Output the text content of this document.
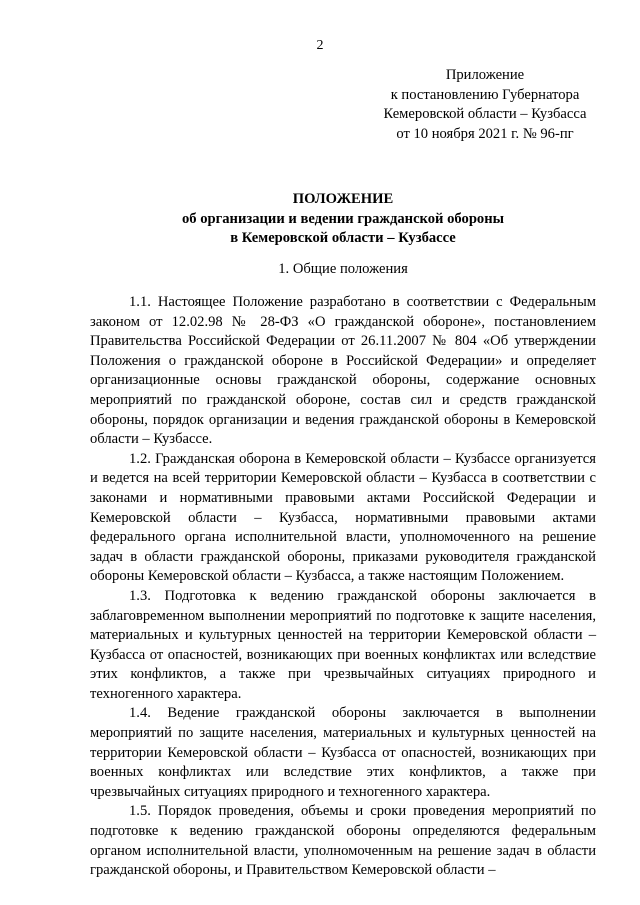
2
Приложение
к постановлению Губернатора
Кемеровской области – Кузбасса
от 10 ноября 2021 г. № 96-пг
ПОЛОЖЕНИЕ
об организации и ведении гражданской обороны
в Кемеровской области – Кузбассе
1. Общие положения

1.1. Настоящее Положение разработано в соответствии с Федеральным законом от 12.02.98 № 28-ФЗ «О гражданской обороне», постановлением Правительства Российской Федерации от 26.11.2007 № 804 «Об утверждении Положения о гражданской обороне в Российской Федерации» и определяет организационные основы гражданской обороны, содержание основных мероприятий по гражданской обороне, состав сил и средств гражданской обороны, порядок организации и ведения гражданской обороны в Кемеровской области – Кузбассе.

1.2. Гражданская оборона в Кемеровской области – Кузбассе организуется и ведется на всей территории Кемеровской области – Кузбасса в соответствии с законами и нормативными правовыми актами Российской Федерации и Кемеровской области – Кузбасса, нормативными правовыми актами федерального органа исполнительной власти, уполномоченного на решение задач в области гражданской обороны, приказами руководителя гражданской обороны Кемеровской области – Кузбасса, а также настоящим Положением.

1.3. Подготовка к ведению гражданской обороны заключается в заблаговременном выполнении мероприятий по подготовке к защите населения, материальных и культурных ценностей на территории Кемеровской области – Кузбасса от опасностей, возникающих при военных конфликтах или вследствие этих конфликтов, а также при чрезвычайных ситуациях природного и техногенного характера.

1.4. Ведение гражданской обороны заключается в выполнении мероприятий по защите населения, материальных и культурных ценностей на территории Кемеровской области – Кузбасса от опасностей, возникающих при военных конфликтах или вследствие этих конфликтов, а также при чрезвычайных ситуациях природного и техногенного характера.

1.5. Порядок проведения, объемы и сроки проведения мероприятий по подготовке к ведению гражданской обороны определяются федеральным органом исполнительной власти, уполномоченным на решение задач в области гражданской обороны, и Правительством Кемеровской области –
